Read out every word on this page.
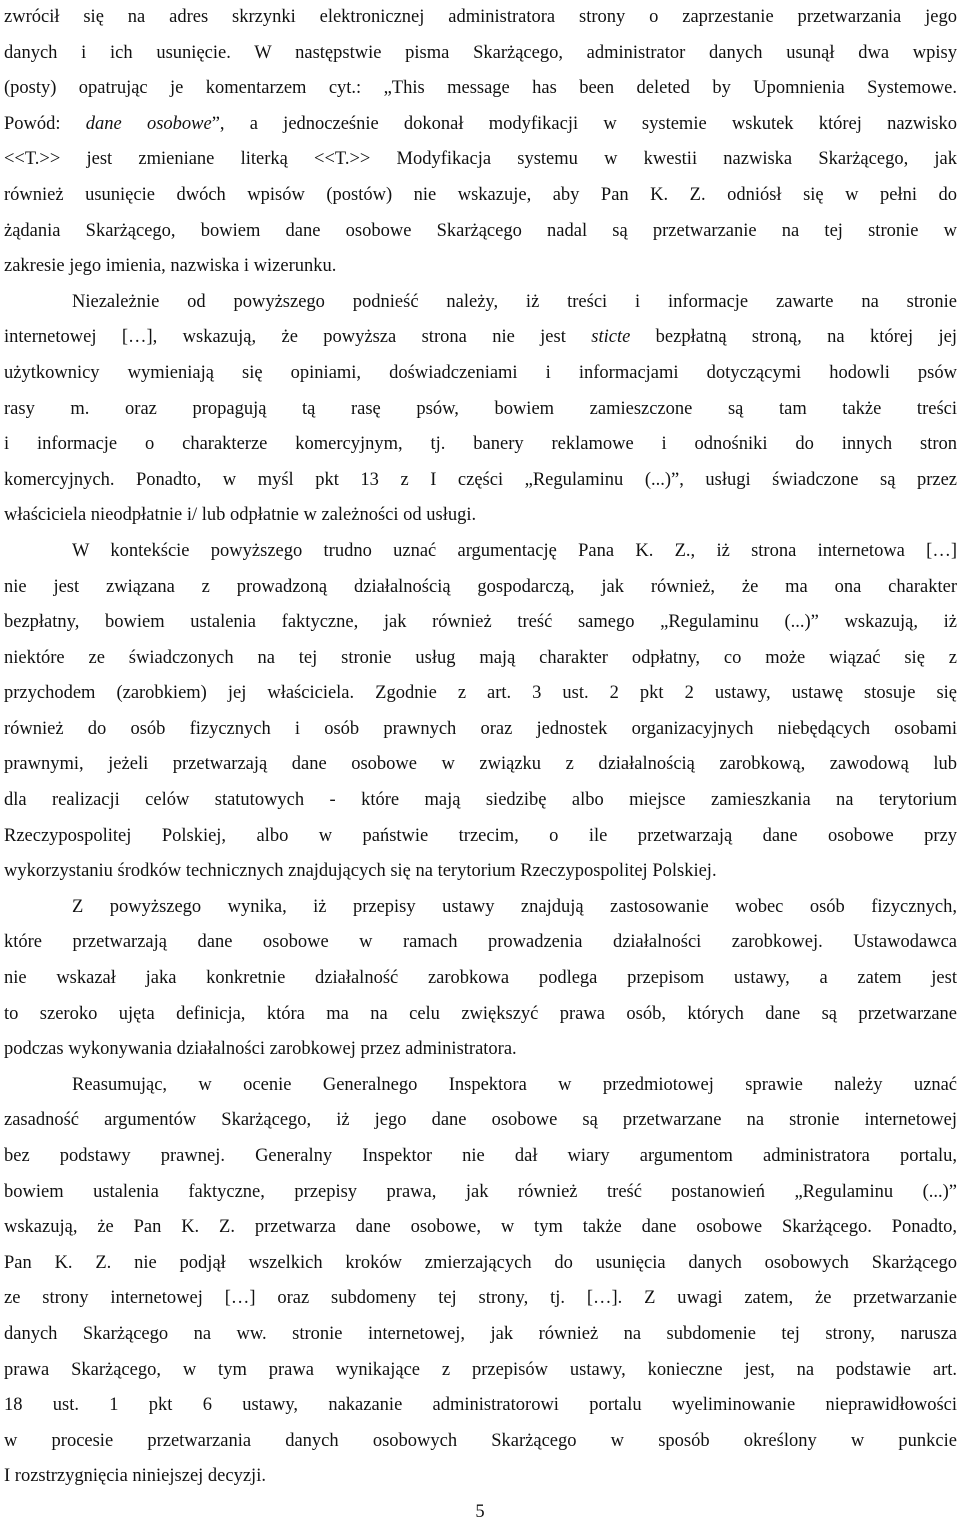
zwrócił się na adres skrzynki elektronicznej administratora strony o zaprzestanie przetwarzania jego
danych i ich usunięcie. W następstwie pisma Skarżącego, administrator danych usunął dwa wpisy
(posty) opatrując je komentarzem cyt.: „This message has been deleted by Upomnienia Systemowe.
Powód: dane osobowe”, a jednocześnie dokonał modyfikacji w systemie wskutek której nazwisko
<<T.>> jest zmieniane literką <<T.>> Modyfikacja systemu w kwestii nazwiska Skarżącego, jak
również usunięcie dwóch wpisów (postów) nie wskazuje, aby Pan K. Z. odniósł się w pełni do
żądania Skarżącego, bowiem dane osobowe Skarżącego nadal są przetwarzanie na tej stronie w
zakresie jego imienia, nazwiska i wizerunku.
Niezależnie od powyższego podnieść należy, iż treści i informacje zawarte na stronie
internetowej […], wskazują, że powyższa strona nie jest sticte bezpłatną stroną, na której jej
użytkownicy wymieniają się opiniami, doświadczeniami i informacjami dotyczącymi hodowli psów
rasy m. oraz propagują tą rasę psów, bowiem zamieszczone są tam także treści
i informacje o charakterze komercyjnym, tj. banery reklamowe i odnośniki do innych stron
komercyjnych. Ponadto, w myśl pkt 13 z I części „Regulaminu (...)”, usługi świadczone są przez
właściciela nieodpłatnie i/ lub odpłatnie w zależności od usługi.
W kontekście powyższego trudno uznać argumentację Pana K. Z., iż strona internetowa […]
nie jest związana z prowadzoną działalnością gospodarczą, jak również, że ma ona charakter
bezpłatny, bowiem ustalenia faktyczne, jak również treść samego „Regulaminu (...)” wskazują, iż
niektóre ze świadczonych na tej stronie usług mają charakter odpłatny, co może wiązać się z
przychodem (zarobkiem) jej właściciela. Zgodnie z art. 3 ust. 2 pkt 2 ustawy, ustawę stosuje się
również do osób fizycznych i osób prawnych oraz jednostek organizacyjnych niebędących osobami
prawnymi, jeżeli przetwarzają dane osobowe w związku z działalnością zarobkową, zawodową lub
dla realizacji celów statutowych - które mają siedzibę albo miejsce zamieszkania na terytorium
Rzeczypospolitej Polskiej, albo w państwie trzecim, o ile przetwarzają dane osobowe przy
wykorzystaniu środków technicznych znajdujących się na terytorium Rzeczypospolitej Polskiej.
Z powyższego wynika, iż przepisy ustawy znajdują zastosowanie wobec osób fizycznych,
które przetwarzają dane osobowe w ramach prowadzenia działalności zarobkowej. Ustawodawca
nie wskazał jaka konkretnie działalność zarobkowa podlega przepisom ustawy, a zatem jest
to szeroko ujęta definicja, która ma na celu zwiększyć prawa osób, których dane są przetwarzane
podczas wykonywania działalności zarobkowej przez administratora.
Reasumując, w ocenie Generalnego Inspektora w przedmiotowej sprawie należy uznać
zasadność argumentów Skarżącego, iż jego dane osobowe są przetwarzane na stronie internetowej
bez podstawy prawnej. Generalny Inspektor nie dał wiary argumentom administratora portalu,
bowiem ustalenia faktyczne, przepisy prawa, jak również treść postanowień „Regulaminu (...)”
wskazują, że Pan K. Z. przetwarza dane osobowe, w tym także dane osobowe Skarżącego. Ponadto,
Pan K. Z. nie podjął wszelkich kroków zmierzających do usunięcia danych osobowych Skarżącego
ze strony internetowej […] oraz subdomeny tej strony, tj. […]. Z uwagi zatem, że przetwarzanie
danych Skarżącego na ww. stronie internetowej, jak również na subdomenie tej strony, narusza
prawa Skarżącego, w tym prawa wynikające z przepisów ustawy, konieczne jest, na podstawie art.
18 ust. 1 pkt 6 ustawy, nakazanie administratorowi portalu wyeliminowanie nieprawidłowości
w procesie przetwarzania danych osobowych Skarżącego w sposób określony w punkcie
I rozstrzygnięcia niniejszej decyzji.
5
